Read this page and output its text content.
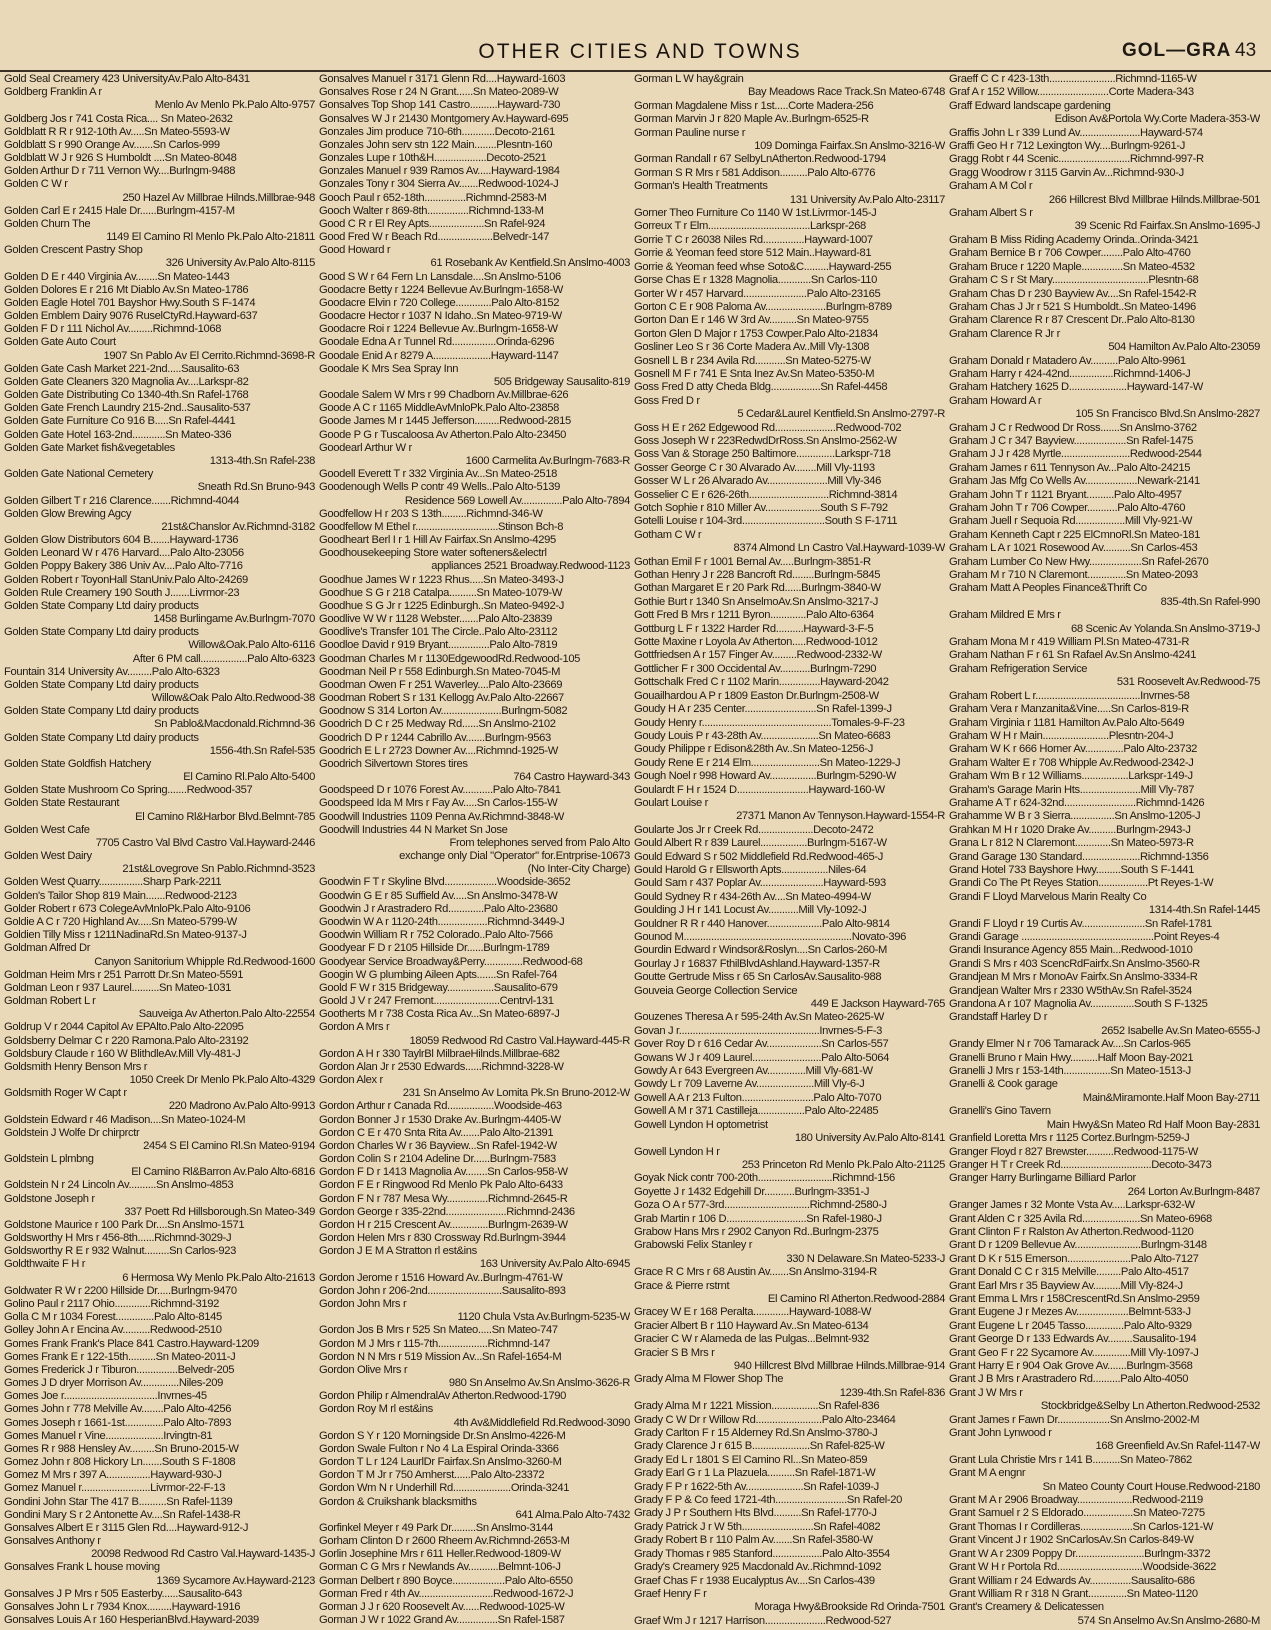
OTHER CITIES AND TOWNS	GOL—GRA 43
Gold Seal Creamery 423 UniversityAv.Palo Alto-8431
Goldberg Franklin A r
Menlo Av Menlo Pk.Palo Alto-9757
Goldberg Jos r 741 Costa Rica.... Sn Mateo-2632
Goldblatt R R r 912-10th Av.....Sn Mateo-5593-W
Goldblatt S r 990 Orange Av.......Sn Carlos-999
Goldblatt W J r 926 S Humboldt ....Sn Mateo-8048
Golden Arthur D r 711 Vernon Wy....Burlngm-9488
Golden C W r
250 Hazel Av Millbrae Hilnds.Millbrae-948
Golden Carl E r 2415 Hale Dr......Burlngm-4157-M
Golden Churn The
1149 El Camino Rl Menlo Pk.Palo Alto-21811
Golden Crescent Pastry Shop
326 University Av.Palo Alto-8115
Golden D E r 440 Virginia Av........Sn Mateo-1443
Golden Dolores E r 216 Mt Diablo Av.Sn Mateo-1786
Golden Eagle Hotel 701 Bayshor Hwy.South S F-1474
Golden Emblem Dairy 9076 RuselCtyRd.Hayward-637
Golden F D r 111 Nichol Av.........Richmnd-1068
Golden Gate Auto Court
1907 Sn Pablo Av El Cerrito.Richmnd-3698-R
Golden Gate Cash Market 221-2nd.....Sausalito-63
Golden Gate Cleaners 320 Magnolia Av....Larkspr-82
Golden Gate Distributing Co 1340-4th.Sn Rafel-1768
Golden Gate French Laundry 215-2nd..Sausalito-537
Golden Gate Furniture Co 916 B.....Sn Rafel-4441
Golden Gate Hotel 163-2nd............Sn Mateo-336
Golden Gate Market fish&vegetables
1313-4th.Sn Rafel-238
Golden Gate National Cemetery
Sneath Rd.Sn Bruno-943
Golden Gilbert T r 216 Clarence.......Richmnd-4044
Golden Glow Brewing Agcy
21st&Chanslor Av.Richmnd-3182
Golden Glow Distributors 604 B.......Hayward-1736
Golden Leonard W r 476 Harvard....Palo Alto-23056
Golden Poppy Bakery 386 Univ Av....Palo Alto-7716
Golden Robert r ToyonHall StanUniv.Palo Alto-24269
Golden Rule Creamery 190 South J.......Livrmor-23
Golden State Company Ltd dairy products
1458 Burlingame Av.Burlngm-7070
Golden State Company Ltd dairy products
Willow&Oak.Palo Alto-6116
After 6 PM call.................Palo Alto-6323
Fountain 314 University Av.........Palo Alto-6323
Golden State Company Ltd dairy products
Willow&Oak Palo Alto.Redwood-38
Golden State Company Ltd dairy products
Sn Pablo&Macdonald.Richmnd-36
Golden State Company Ltd dairy products
1556-4th.Sn Rafel-535
Golden State Goldfish Hatchery
El Camino Rl.Palo Alto-5400
Golden State Mushroom Co Spring.......Redwood-357
Golden State Restaurant
El Camino Rl&Harbor Blvd.Belmnt-785
Golden West Cafe
7705 Castro Val Blvd Castro Val.Hayward-2446
Golden West Dairy
21st&Lovegrove Sn Pablo.Richmnd-3523
Golden West Quarry................Sharp Park-2211
Golden's Tailor Shop 819 Main.......Redwood-2123
Golder Robert r 673 ColegeAvMnloPk.Palo Alto-9106
Goldie A C r 720 Highland Av.....Sn Mateo-5799-W
Goldien Tilly Miss r 1211NadinaRd.Sn Mateo-9137-J
Goldman Alfred Dr
Canyon Sanitorium Whipple Rd.Redwood-1600
Goldman Heim Mrs r 251 Parrott Dr.Sn Mateo-5591
Goldman Leon r 937 Laurel..........Sn Mateo-1031
Goldman Robert L r
Sauveiga Av Atherton.Palo Alto-22554
Goldrup V r 2044 Capitol Av EPAlto.Palo Alto-22095
Goldsberry Delmar C r 220 Ramona.Palo Alto-23192
Goldsbury Claude r 160 W BlithdleAv.Mill Vly-481-J
Goldsmith Henry Benson Mrs r
1050 Creek Dr Menlo Pk.Palo Alto-4329
Goldsmith Roger W Capt r
220 Madrono Av.Palo Alto-9913
Goldstein Edward r 46 Madison....Sn Mateo-1024-M
Goldstein J Wolfe Dr chirprctr
2454 S El Camino Rl.Sn Mateo-9194
Goldstein L plmbng
El Camino Rl&Barron Av.Palo Alto-6816
Goldstein N r 24 Lincoln Av..........Sn Anslmo-4853
Goldstone Joseph r
337 Poett Rd Hillsborough.Sn Mateo-349
Goldstone Maurice r 100 Park Dr....Sn Anslmo-1571
Goldsworthy H Mrs r 456-8th......Richmnd-3029-J
Goldsworthy R E r 932 Walnut.........Sn Carlos-923
Goldthwaite F H r
6 Hermosa Wy Menlo Pk.Palo Alto-21613
Goldwater R W r 2200 Hillside Dr.....Burlngm-9470
Golino Paul r 2117 Ohio.............Richmnd-3192
Golla C M r 1034 Forest..............Palo Alto-8145
Golley John A r Encina Av..........Redwood-2510
Gomes Frank Frank's Place 841 Castro.Hayward-1209
Gomes Frank E r 122-15th..........Sn Mateo-2011-J
Gomes Frederick J r Tiburon...............Belvedr-205
Gomes J D dryer Morrison Av..............Niles-209
Gomes Joe r..................................Invrnes-45
Gomes John r 778 Melville Av........Palo Alto-4256
Gomes Joseph r 1661-1st..............Palo Alto-7893
Gomes Manuel r Vine.....................Irvingtn-81
Gomes R r 988 Hensley Av.........Sn Bruno-2015-W
Gomez John r 808 Hickory Ln.......South S F-1808
Gomez M Mrs r 397 A................Hayward-930-J
Gomez Manuel r.........................Livrmor-22-F-13
Gondini John Star The 417 B..........Sn Rafel-1139
Gondini Mary S r 2 Antonette Av....Sn Rafel-1438-R
Gonsalves Albert E r 3115 Glen Rd....Hayward-912-J
Gonsalves Anthony r
20098 Redwood Rd Castro Val.Hayward-1435-J
Gonsalves Frank L house moving
1369 Sycamore Av.Hayward-2123
Gonsalves J P Mrs r 505 Easterby......Sausalito-643
Gonsalves John L r 7934 Knox.........Hayward-1916
Gonsalves Louis A r 160 HesperianBlvd.Hayward-2039
Gonsalves Manuel r 3171 Glenn Rd....Hayward-1603
Gonsalves Rose r 24 N Grant......Sn Mateo-2089-W
Gonsalves Top Shop 141 Castro..........Hayward-730
Gonsalves W J r 21430 Montgomery Av.Hayward-695
Gonzales Jim produce 710-6th............Decoto-2161
Gonzales John serv stn 122 Main........Plesntn-160
Gonzales Lupe r 10th&H...................Decoto-2521
Gonzales Manuel r 939 Ramos Av.....Hayward-1984
Gonzales Tony r 304 Sierra Av.......Redwood-1024-J
Gooch Paul r 652-18th...............Richmnd-2583-M
Gooch Walter r 869-8th...............Richmnd-133-M
Good C R r El Rey Apts....................Sn Rafel-924
Good Fred W r Beach Rd....................Belvedr-147
Good Howard r
61 Rosebank Av Kentfield.Sn Anslmo-4003
Good S W r 64 Fern Ln Lansdale....Sn Anslmo-5106
Goodacre Betty r 1224 Bellevue Av.Burlngm-1658-W
Goodacre Elvin r 720 College.............Palo Alto-8152
Goodacre Hector r 1037 N Idaho..Sn Mateo-9719-W
Goodacre Roi r 1224 Bellevue Av..Burlngm-1658-W
Goodale Edna A r Tunnel Rd................Orinda-6296
Goodale Enid A r 8279 A.....................Hayward-1147
Goodale K Mrs Sea Spray Inn
505 Bridgeway Sausalito-819
Goodale Salem W Mrs r 99 Chadborn Av.Millbrae-626
Goode A C r 1165 MiddleAvMnloPk.Palo Alto-23858
Goode James M r 1445 Jefferson.........Redwood-2815
Goode P G r Tuscaloosa Av Atherton.Palo Alto-23450
Goodearl Arthur W r
1600 Carmelita Av.Burlngm-7683-R
Goodell Everett T r 332 Virginia Av...Sn Mateo-2518
Goodenough Wells P contr 49 Wells..Palo Alto-5139
Residence 569 Lowell Av...............Palo Alto-7894
Goodfellow H r 203 S 13th.........Richmnd-346-W
Goodfellow M Ethel r..............................Stinson Bch-8
Goodheart Berl I r 1 Hill Av Fairfax.Sn Anslmo-4295
Goodhousekeeping Store water softeners&electrl
appliances 2521 Broadway.Redwood-1123
Goodhue James W r 1223 Rhus.....Sn Mateo-3493-J
Goodhue S G r 218 Catalpa..........Sn Mateo-1079-W
Goodhue S G Jr r 1225 Edinburgh..Sn Mateo-9492-J
Goodlive W W r 1128 Webster.......Palo Alto-23839
Goodlive's Transfer 101 The Circle..Palo Alto-23112
Goodloe David r 919 Bryant...............Palo Alto-7819
Goodman Charles M r 1130EdgewoodRd.Redwood-105
Goodman Neil P r 558 Edinburgh.Sn Mateo-7045-M
Goodman Owen F r 251 Waverley....Palo Alto-23669
Goodman Robert S r 131 Kellogg Av.Palo Alto-22667
Goodnow S 314 Lorton Av......................Burlngm-5082
Goodrich D C r 25 Medway Rd......Sn Anslmo-2102
Goodrich D P r 1244 Cabrillo Av.......Burlngm-9563
Goodrich E L r 2723 Downer Av....Richmnd-1925-W
Goodrich Silvertown Stores tires
764 Castro Hayward-343
Goodspeed D r 1076 Forest Av...........Palo Alto-7841
Goodspeed Ida M Mrs r Fay Av.....Sn Carlos-155-W
Goodwill Industries 1109 Penna Av.Richmnd-3848-W
Goodwill Industries 44 N Market Sn Jose
From telephones served from Palo Alto
exchange only Dial "Operator" for.Entrprise-10673
(No Inter-City Charge)
Goodwin F T r Skyline Blvd...................Woodside-3652
Goodwin G E r 85 Suffield Av.....Sn Anslmo-3478-W
Goodwin J r Arastradero Rd.............Palo Alto-23680
Goodwin W A r 1120-24th..................Richmnd-3449-J
Goodwin William R r 752 Colorado..Palo Alto-7566
Goodyear F D r 2105 Hillside Dr......Burlngm-1789
Goodyear Service Broadway&Perry..............Redwood-68
Googin W G plumbing Aileen Apts.......Sn Rafel-764
Goold F W r 315 Bridgeway.................Sausalito-679
Goold J V r 247 Fremont........................Centrvl-131
Gootherts M r 738 Costa Rica Av...Sn Mateo-6897-J
Gordon A Mrs r
18059 Redwood Rd Castro Val.Hayward-445-R
Gordon A H r 330 TaylrBl MilbraeHilnds.Millbrae-682
Gordon Alan Jr r 2530 Edwards......Richmnd-3228-W
Gordon Alex r
231 Sn Anselmo Av Lomita Pk.Sn Bruno-2012-W
Gordon Arthur r Canada Rd.................Woodside-463
Gordon Bonner J r 1530 Drake Av..Burlngm-4405-W
Gordon C E r 470 Snta Rita Av.......Palo Alto-21391
Gordon Charles W r 36 Bayview...Sn Rafel-1942-W
Gordon Colin S r 2104 Adeline Dr......Burlngm-7583
Gordon F D r 1413 Magnolia Av........Sn Carlos-958-W
Gordon F E r Ringwood Rd Menlo Pk Palo Alto-6433
Gordon F N r 787 Mesa Wy...............Richmnd-2645-R
Gordon George r 335-22nd......................Richmnd-2436
Gordon H r 215 Crescent Av..............Burlngm-2639-W
Gordon Helen Mrs r 830 Crossway Rd.Burlngm-3944
Gordon J E M A Stratton rl est&ins
163 University Av.Palo Alto-6945
Gordon Jerome r 1516 Howard Av..Burlngm-4761-W
Gordon John r 206-2nd...........................Sausalito-893
Gordon John Mrs r
1120 Chula Vsta Av.Burlngm-5235-W
Gordon Jos B Mrs r 525 Sn Mateo.....Sn Mateo-747
Gordon M J Mrs r 115-7th..................Richmnd-147
Gordon N N Mrs r 519 Mission Av...Sn Rafel-1654-M
Gordon Olive Mrs r
980 Sn Anselmo Av.Sn Anslmo-3626-R
Gordon Philip r AlmendralAv Atherton.Redwood-1790
Gordon Roy M rl est&ins
4th Av&Middlefield Rd.Redwood-3090
Gordon S Y r 120 Morningside Dr.Sn Anslmo-4226-M
Gordon Swale Fulton r No 4 La Espiral Orinda-3366
Gordon T L r 124 LaurlDr Fairfax.Sn Anslmo-3260-M
Gordon T M Jr r 750 Amherst......Palo Alto-23372
Gordon Wm N r Underhill Rd.....................Orinda-3241
Gordon & Cruikshank blacksmiths
641 Alma.Palo Alto-7432
Gorfinkel Meyer r 49 Park Dr.........Sn Anslmo-3144
Gorham Clinton D r 2600 Rheem Av.Richmnd-2653-M
Gorlin Josephine Mrs r 611 Heller.Redwood-1809-W
Gorman C G Mrs r Newlands Av...........Belmnt-106-J
Gorman Delbert r 890 Boyce...................Palo Alto-6550
Gorman Fred r 4th Av...........................Redwood-1672-J
Gorman J J r 620 Roosevelt Av......Redwood-1025-W
Gorman J W r 1022 Grand Av...............Sn Rafel-1587
Gorman L W hay&grain
Bay Meadows Race Track.Sn Mateo-6748
Gorman Magdalene Miss r 1st.....Corte Madera-256
Gorman Marvin J r 820 Maple Av..Burlngm-6525-R
Gorman Pauline nurse r
109 Dominga Fairfax.Sn Anslmo-3216-W
Gorman Randall r 67 SelbyLnAtherton.Redwood-1794
Gorman S R Mrs r 581 Addison..........Palo Alto-6776
Gorman's Health Treatments
131 University Av.Palo Alto-23117
Gorner Theo Furniture Co 1140 W 1st.Livrmor-145-J
Gorreux T r Elm.....................................Larkspr-268
Gorrie T C r 26038 Niles Rd...............Hayward-1007
Gorrie & Yeoman feed store 512 Main..Hayward-81
Gorrie & Yeoman feed whse Soto&C.........Hayward-255
Gorse Chas E r 1328 Magnolia............Sn Carlos-110
Gorter W r 457 Harvard.......................Palo Alto-23165
Gorton C E r 908 Paloma Av......................Burlngm-8789
Gorton Dan E r 146 W 3rd Av..........Sn Mateo-9755
Gorton Glen D Major r 1753 Cowper.Palo Alto-21834
Gosliner Leo S r 36 Corte Madera Av..Mill Vly-1308
Gosnell L B r 234 Avila Rd...........Sn Mateo-5275-W
Gosnell M F r 741 E Snta Inez Av.Sn Mateo-5350-M
Goss Fred D atty Cheda Bldg..................Sn Rafel-4458
Goss Fred D r
5 Cedar&Laurel Kentfield.Sn Anslmo-2797-R
Goss H E r 262 Edgewood Rd......................Redwood-702
Goss Joseph W r 223RedwdDrRoss.Sn Anslmo-2562-W
Goss Van & Storage 250 Baltimore..............Larkspr-718
Gosser George C r 30 Alvarado Av........Mill Vly-1193
Gosser W L r 26 Alvarado Av......................Mill Vly-346
Gosselier C E r 626-26th.............................Richmnd-3814
Gotch Sophie r 810 Miller Av....................South S F-792
Gotelli Louise r 104-3rd..............................South S F-1711
Gotham C W r
8374 Almond Ln Castro Val.Hayward-1039-W
Gothan Emil F r 1001 Bernal Av.....Burlngm-3851-R
Gothan Henry J r 228 Bancroft Rd........Burlngm-5845
Gothan Margaret E r 20 Park Rd......Burlngm-3840-W
Gothie Burt r 1340 Sn AnselmoAv.Sn Anslmo-3217-J
Gott Fred B Mrs r 1211 Byron.............Palo Alto-6364
Gottburg L F r 1322 Harder Rd..........Hayward-3-F-5
Gotte Maxine r Loyola Av Atherton.....Redwood-1012
Gottfriedsen A r 157 Finger Av.........Redwood-2332-W
Gottlicher F r 300 Occidental Av...........Burlngm-7290
Gottschalk Fred C r 1102 Marin...............Hayward-2042
Gouailhardou A P r 1809 Easton Dr.Burlngm-2508-W
Goudy H A r 235 Center..........................Sn Rafel-1399-J
Goudy Henry r...............................................Tomales-9-F-23
Goudy Louis P r 43-28th Av.....................Sn Mateo-6683
Goudy Philippe r Edison&28th Av..Sn Mateo-1256-J
Goudy Rene E r 214 Elm.........................Sn Mateo-1229-J
Gough Noel r 998 Howard Av.................Burlngm-5290-W
Goulardt F H r 1524 D..........................Hayward-160-W
Goulart Louise r
27371 Manon Av Tennyson.Hayward-1554-R
Goularte Jos Jr r Creek Rd....................Decoto-2472
Gould Albert R r 839 Laurel.................Burlngm-5167-W
Gould Edward S r 502 Middlefield Rd.Redwood-465-J
Gould Harold G r Ellsworth Apts.................Niles-64
Gould Sam r 437 Poplar Av.......................Hayward-593
Gould Sydney R r 434-26th Av....Sn Mateo-4994-W
Goulding J H r 141 Locust Av...........Mill Vly-1092-J
Gouldner R R r 440 Hanover....................Palo Alto-9814
Gounod M.............................................................Novato-396
Gourdin Edward r Windsor&Roslyn....Sn Carlos-260-M
Gourlay J r 16837 FthilBlvdAshland.Hayward-1357-R
Goutte Gertrude Miss r 65 Sn CarlosAv.Sausalito-988
Gouveia George Collection Service
449 E Jackson Hayward-765
Gouzenes Theresa A r 595-24th Av.Sn Mateo-2625-W
Govan J r...................................................Invrnes-5-F-3
Gover Roy D r 616 Cedar Av....................Sn Carlos-557
Gowans W J r 409 Laurel.........................Palo Alto-5064
Gowdy A r 643 Evergreen Av..............Mill Vly-681-W
Gowdy L r 709 Laverne Av.....................Mill Vly-6-J
Gowell A A r 213 Fulton..........................Palo Alto-7070
Gowell A M r 371 Castilleja.................Palo Alto-22485
Gowell Lyndon H optometrist
180 University Av.Palo Alto-8141
Gowell Lyndon H r
253 Princeton Rd Menlo Pk.Palo Alto-21125
Goyak Nick contr 700-20th...........................Richmnd-156
Goyette J r 1432 Edgehill Dr...........Burlngm-3351-J
Goza O A r 577-3rd...............................Richmnd-2580-J
Grab Martin r 106 D.............................Sn Rafel-1980-J
Grabow Hans Mrs r 2902 Canyon Rd..Burlngm-2375
Grabowski Felix Stanley r
330 N Delaware.Sn Mateo-5233-J
Grace R C Mrs r 68 Austin Av.......Sn Anslmo-3194-R
Grace & Pierre rstrnt
El Camino Rl Atherton.Redwood-2884
Gracey W E r 168 Peralta.............Hayward-1088-W
Gracier Albert B r 110 Hayward Av..Sn Mateo-6134
Gracier C W r Alameda de las Pulgas...Belmnt-932
Gracier S B Mrs r
940 Hillcrest Blvd Millbrae Hilnds.Millbrae-914
Grady Alma M Flower Shop The
1239-4th.Sn Rafel-836
Grady Alma M r 1221 Mission.................Sn Rafel-836
Grady C W Dr r Willow Rd........................Palo Alto-23464
Grady Carlton F r 15 Alderney Rd.Sn Anslmo-3780-J
Grady Clarence J r 615 B.....................Sn Rafel-825-W
Grady Ed L r 1801 S El Camino Rl...Sn Mateo-859
Grady Earl G r 1 La Plazuela..........Sn Rafel-1871-W
Grady F P r 1622-5th Av.....................Sn Rafel-1039-J
Grady F P & Co feed 1721-4th..........................Sn Rafel-20
Grady J P r Southern Hts Blvd..........Sn Rafel-1770-J
Grady Patrick J r W 5th..........................Sn Rafel-4082
Grady Robert B r 110 Palm Av.......Sn Rafel-3580-W
Grady Thomas r 985 Stanford..................Palo Alto-3554
Grady's Creamery 925 Macdonald Av..Richmnd-1092
Graef Chas F r 1938 Eucalyptus Av....Sn Carlos-439
Graef Henry F r
Moraga Hwy&Brookside Rd Orinda-7501
Graef Wm J r 1217 Harrison......................Redwood-527
Graeff C C r 423-13th........................Richmnd-1165-W
Graf A r 152 Willow..........................Corte Madera-343
Graff Edward landscape gardening
Edison Av&Portola Wy.Corte Madera-353-W
Graffis John L r 339 Lund Av......................Hayward-574
Graffi Geo H r 712 Lexington Wy....Burlngm-9261-J
Gragg Robt r 44 Scenic..........................Richmnd-997-R
Gragg Woodrow r 3115 Garvin Av...Richmnd-930-J
Graham A M Col r
266 Hillcrest Blvd Millbrae Hilnds.Millbrae-501
Graham Albert S r
39 Scenic Rd Fairfax.Sn Anslmo-1695-J
Graham B Miss Riding Academy Orinda..Orinda-3421
Graham Bernice B r 706 Cowper........Palo Alto-4760
Graham Bruce r 1220 Maple...............Sn Mateo-4532
Graham C S r St Mary...................................Plesntn-68
Graham Chas D r 230 Bayview Av....Sn Rafel-1542-R
Graham Chas J Jr r 521 S Humboldt..Sn Mateo-1496
Graham Clarence R r 87 Crescent Dr..Palo Alto-8130
Graham Clarence R Jr r
504 Hamilton Av.Palo Alto-23059
Graham Donald r Matadero Av..........Palo Alto-9961
Graham Harry r 424-42nd................Richmnd-1406-J
Graham Hatchery 1625 D.....................Hayward-147-W
Graham Howard A r
105 Sn Francisco Blvd.Sn Anslmo-2827
Graham J C r Redwood Dr Ross.......Sn Anslmo-3762
Graham J C r 347 Bayview...................Sn Rafel-1475
Graham J J r 428 Myrtle.........................Redwood-2544
Graham James r 611 Tennyson Av...Palo Alto-24215
Graham Jas Mfg Co Wells Av...................Newark-2141
Graham John T r 1121 Bryant..........Palo Alto-4957
Graham John T r 706 Cowper...........Palo Alto-4760
Graham Juell r Sequoia Rd..................Mill Vly-921-W
Graham Kenneth Capt r 225 ElCmnoRl.Sn Mateo-181
Graham L A r 1021 Rosewood Av..........Sn Carlos-453
Graham Lumber Co New Hwy...................Sn Rafel-2670
Graham M r 710 N Claremont..............Sn Mateo-2093
Graham Matt A Peoples Finance&Thrift Co
835-4th.Sn Rafel-990
Graham Mildred E Mrs r
68 Scenic Av Yolanda.Sn Anslmo-3719-J
Graham Mona M r 419 William Pl.Sn Mateo-4731-R
Graham Nathan F r 61 Sn Rafael Av.Sn Anslmo-4241
Graham Refrigeration Service
531 Roosevelt Av.Redwood-75
Graham Robert L r......................................Invrnes-58
Graham Vera r Manzanita&Vine.....Sn Carlos-819-R
Graham Virginia r 1181 Hamilton Av.Palo Alto-5649
Graham W H r Main........................Plesntn-204-J
Graham W K r 666 Homer Av..............Palo Alto-23732
Graham Walter E r 708 Whipple Av.Redwood-2342-J
Graham Wm B r 12 Williams.................Larkspr-149-J
Graham's Garage Marin Hts......................Mill Vly-787
Grahame A T r 624-32nd..........................Richmnd-1426
Grahamme W B r 3 Sierra................Sn Anslmo-1205-J
Grahkan M H r 1020 Drake Av..........Burlngm-2943-J
Grana L r 812 N Claremont.............Sn Mateo-5973-R
Grand Garage 130 Standard.....................Richmnd-1356
Grand Hotel 733 Bayshore Hwy.........South S F-1441
Grandi Co The Pt Reyes Station..................Pt Reyes-1-W
Grandi F Lloyd Marvelous Marin Realty Co
1314-4th.Sn Rafel-1445
Grandi F Lloyd r 19 Curtis Av.......................Sn Rafel-1781
Grandi Garage ................................................Point Reyes-4
Grandi Insurance Agency 855 Main...Redwood-1010
Grandi S Mrs r 403 ScencRdFairfx.Sn Anslmo-3560-R
Grandjean M Mrs r MonoAv Fairfx.Sn Anslmo-3334-R
Grandjean Walter Mrs r 2330 W5thAv.Sn Rafel-3524
Grandona A r 107 Magnolia Av................South S F-1325
Grandstaff Harley D r
2652 Isabelle Av.Sn Mateo-6555-J
Grandy Elmer N r 706 Tamarack Av....Sn Carlos-965
Granelli Bruno r Main Hwy..........Half Moon Bay-2021
Granelli J Mrs r 153-14th.................Sn Mateo-1513-J
Granelli & Cook garage
Main&Miramonte.Half Moon Bay-2711
Granelli's Gino Tavern
Main Hwy&Sn Mateo Rd Half Moon Bay-2831
Granfield Loretta Mrs r 1125 Cortez.Burlngm-5259-J
Granger Floyd r 827 Brewster..........Redwood-1175-W
Granger H T r Creek Rd.................................Decoto-3473
Granger Harry Burlingame Billiard Parlor
264 Lorton Av.Burlngm-8487
Granger James r 32 Monte Vsta Av.....Larkspr-632-W
Grant Alden C r 325 Avila Rd.....................Sn Mateo-6968
Grant Clinton F r Ralston Av Atherton.Redwood-1120
Grant D r 1209 Bellevue Av........................Burlngm-3148
Grant D K r 515 Emerson.......................Palo Alto-7127
Grant Donald C C r 315 Melville.........Palo Alto-4517
Grant Earl Mrs r 35 Bayview Av..........Mill Vly-824-J
Grant Emma L Mrs r 158CrescentRd.Sn Anslmo-2959
Grant Eugene J r Mezes Av...................Belmnt-533-J
Grant Eugene L r 2045 Tasso..............Palo Alto-9329
Grant George D r 133 Edwards Av.........Sausalito-194
Grant Geo F r 22 Sycamore Av..............Mill Vly-1097-J
Grant Harry E r 904 Oak Grove Av.......Burlngm-3568
Grant J B Mrs r Arastradero Rd..........Palo Alto-4050
Grant J W Mrs r
Stockbridge&Selby Ln Atherton.Redwood-2532
Grant James r Fawn Dr...................Sn Anslmo-2002-M
Grant John Lynwood r
168 Greenfield Av.Sn Rafel-1147-W
Grant Lula Christie Mrs r 141 B..........Sn Mateo-7862
Grant M A engnr
Sn Mateo County Court House.Redwood-2180
Grant M A r 2906 Broadway....................Redwood-2119
Grant Samuel r 2 S Eldorado..................Sn Mateo-7275
Grant Thomas I r Cordilleras...................Sn Carlos-121-W
Grant Vincent J r 1902 SnCarlosAv.Sn Carlos-849-W
Grant W A r 2309 Poppy Dr.........................Burlngm-3372
Grant W H r Portola Rd...............................Woodside-3622
Grant William r 24 Edwards Av...............Sausalito-686
Grant William R r 318 N Grant..............Sn Mateo-1120
Grant's Creamery & Delicatessen
574 Sn Anselmo Av.Sn Anslmo-2680-M
